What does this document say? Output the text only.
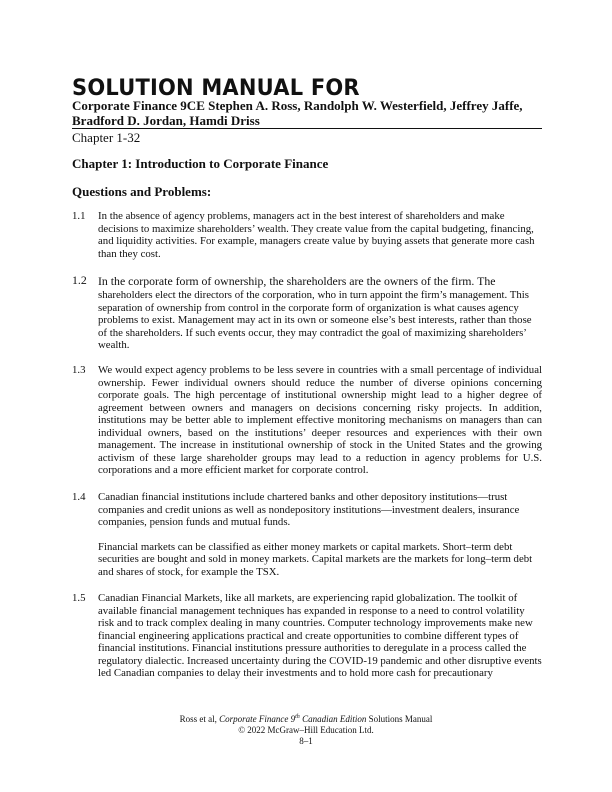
SOLUTION MANUAL FOR
Corporate Finance 9CE Stephen A. Ross, Randolph W. Westerfield, Jeffrey Jaffe, Bradford D. Jordan, Hamdi Driss
Chapter 1-32
Chapter 1: Introduction to Corporate Finance
Questions and Problems:
1.1 In the absence of agency problems, managers act in the best interest of shareholders and make decisions to maximize shareholders’ wealth. They create value from the capital budgeting, financing, and liquidity activities. For example, managers create value by buying assets that generate more cash than they cost.

1.2 In the corporate form of ownership, the shareholders are the owners of the firm. The

shareholders elect the directors of the corporation, who in turn appoint the firm’s management. This separation of ownership from control in the corporate form of organization is what causes agency problems to exist. Management may act in its own or someone else’s best interests, rather than those of the shareholders. If such events occur, they may contradict the goal of maximizing shareholders’ wealth.

1.3 We would expect agency problems to be less severe in countries with a small percentage of individual ownership. Fewer individual owners should reduce the number of diverse opinions concerning corporate goals. The high percentage of institutional ownership might lead to a higher degree of agreement between owners and managers on decisions concerning risky projects. In addition, institutions may be better able to implement effective monitoring mechanisms on managers than can individual owners, based on the institutions’ deeper resources and experiences with their own management. The increase in institutional ownership of stock in the United States and the growing activism of these large shareholder groups may lead to a reduction in agency problems for U.S. corporations and a more efficient market for corporate control.

1.4 Canadian financial institutions include chartered banks and other depository institutions—trust companies and credit unions as well as nondepository institutions—investment dealers, insurance companies, pension funds and mutual funds.

Financial markets can be classified as either money markets or capital markets. Short–term debt securities are bought and sold in money markets. Capital markets are the markets for long–term debt and shares of stock, for example the TSX.

1.5 Canadian Financial Markets, like all markets, are experiencing rapid globalization. The toolkit of available financial management techniques has expanded in response to a need to control volatility risk and to track complex dealing in many countries. Computer technology improvements make new financial engineering applications practical and create opportunities to combine different types of financial institutions. Financial institutions pressure authorities to deregulate in a process called the regulatory dialectic. Increased uncertainty during the COVID-19 pandemic and other disruptive events led Canadian companies to delay their investments and to hold more cash for precautionary

Ross et al, Corporate Finance 9th Canadian Edition Solutions Manual
© 2022 McGraw–Hill Education Ltd.
8–1
